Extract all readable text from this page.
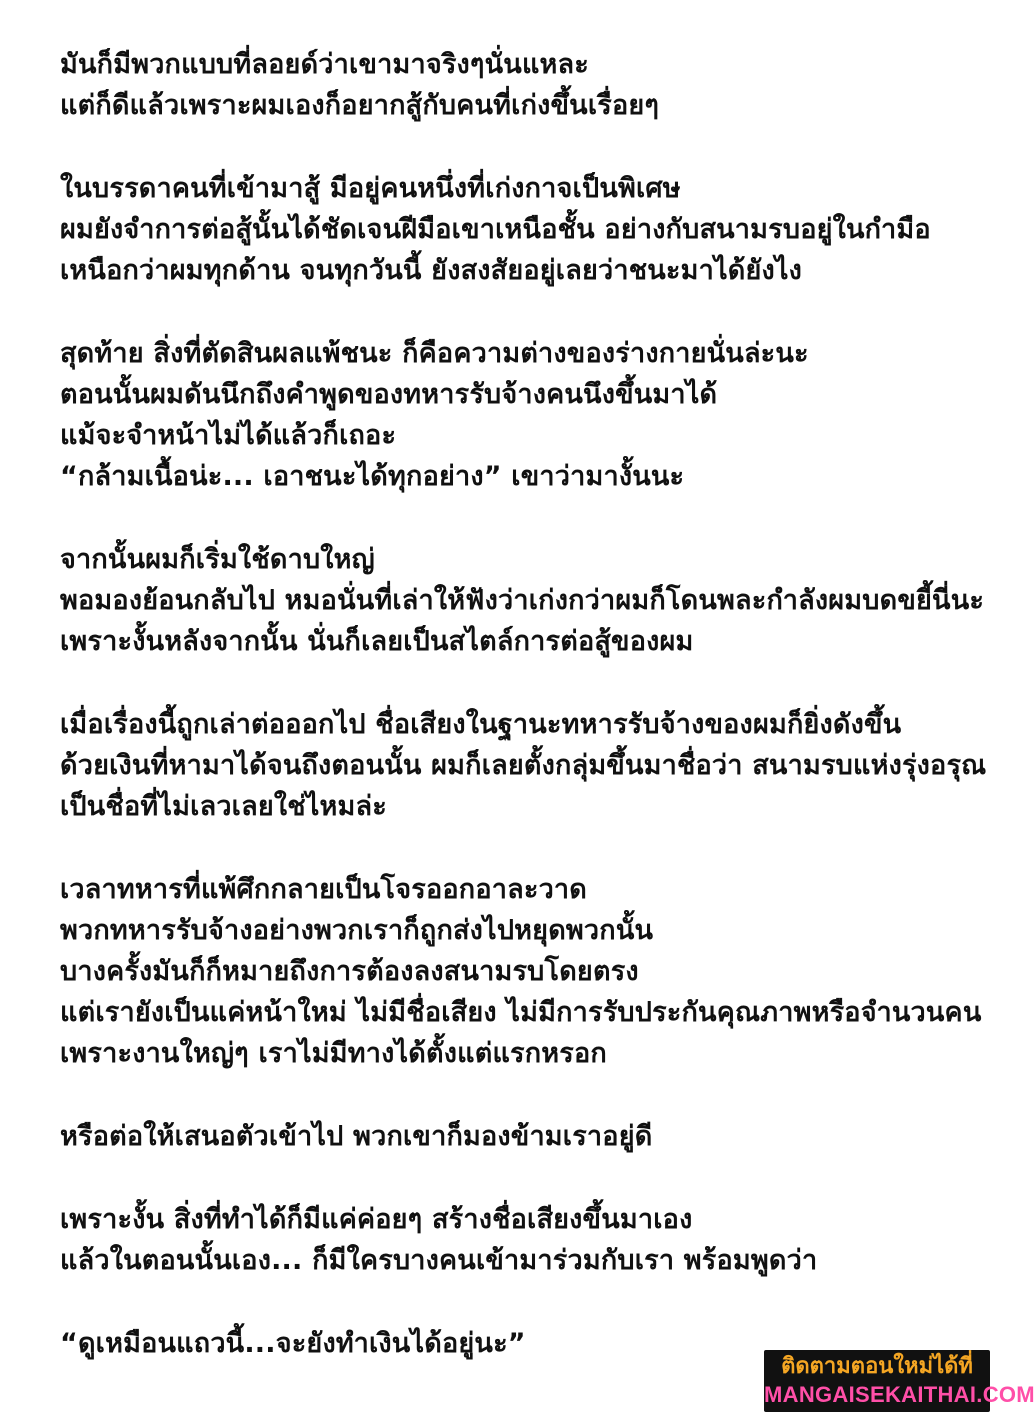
มันก็มีพวกแบบที่ลอยด์ว่าเขามาจริงๆนั่นแหละ
แต่ก็ดีแล้วเพราะผมเองก็อยากสู้กับคนที่เก่งขึ้นเรื่อยๆ
ในบรรดาคนที่เข้ามาสู้ มีอยู่คนหนึ่งที่เก่งกาจเป็นพิเศษ
ผมยังจำการต่อสู้นั้นได้ชัดเจนฝีมือเขาเหนือชั้น อย่างกับสนามรบอยู่ในกำมือ
เหนือกว่าผมทุกด้าน จนทุกวันนี้ ยังสงสัยอยู่เลยว่าชนะมาได้ยังไง
สุดท้าย สิ่งที่ตัดสินผลแพ้ชนะ ก็คือความต่างของร่างกายนั่นล่ะนะ
ตอนนั้นผมดันนึกถึงคำพูดของทหารรับจ้างคนนึงขึ้นมาได้
แม้จะจำหน้าไม่ได้แล้วก็เถอะ
“กล้ามเนื้อน่ะ... เอาชนะได้ทุกอย่าง” เขาว่ามางั้นนะ
จากนั้นผมก็เริ่มใช้ดาบใหญ่
พอมองย้อนกลับไป หมอนั่นที่เล่าให้ฟังว่าเก่งกว่าผมก็โดนพละกำลังผมบดขยี้นี่นะ
เพราะงั้นหลังจากนั้น นั่นก็เลยเป็นสไตล์การต่อสู้ของผม
เมื่อเรื่องนี้ถูกเล่าต่อออกไป ชื่อเสียงในฐานะทหารรับจ้างของผมก็ยิ่งดังขึ้น
ด้วยเงินที่หามาได้จนถึงตอนนั้น ผมก็เลยตั้งกลุ่มขึ้นมาชื่อว่า สนามรบแห่งรุ่งอรุณ
เป็นชื่อที่ไม่เลวเลยใช่ไหมล่ะ
เวลาทหารที่แพ้ศึกกลายเป็นโจรออกอาละวาด
พวกทหารรับจ้างอย่างพวกเราก็ถูกส่งไปหยุดพวกนั้น
บางครั้งมันก็ก็หมายถึงการต้องลงสนามรบโดยตรง
แต่เรายังเป็นแค่หน้าใหม่ ไม่มีชื่อเสียง ไม่มีการรับประกันคุณภาพหรือจำนวนคน
เพราะงานใหญ่ๆ เราไม่มีทางได้ตั้งแต่แรกหรอก
หรือต่อให้เสนอตัวเข้าไป พวกเขาก็มองข้ามเราอยู่ดี
เพราะงั้น สิ่งที่ทำได้ก็มีแค่ค่อยๆ สร้างชื่อเสียงขึ้นมาเอง
แล้วในตอนนั้นเอง... ก็มีใครบางคนเข้ามาร่วมกับเรา พร้อมพูดว่า
“ดูเหมือนแถวนี้...จะยังทำเงินได้อยู่นะ”
ติดตามตอนใหม่ได้ที่
MANGAISEKAITHAI.COM
